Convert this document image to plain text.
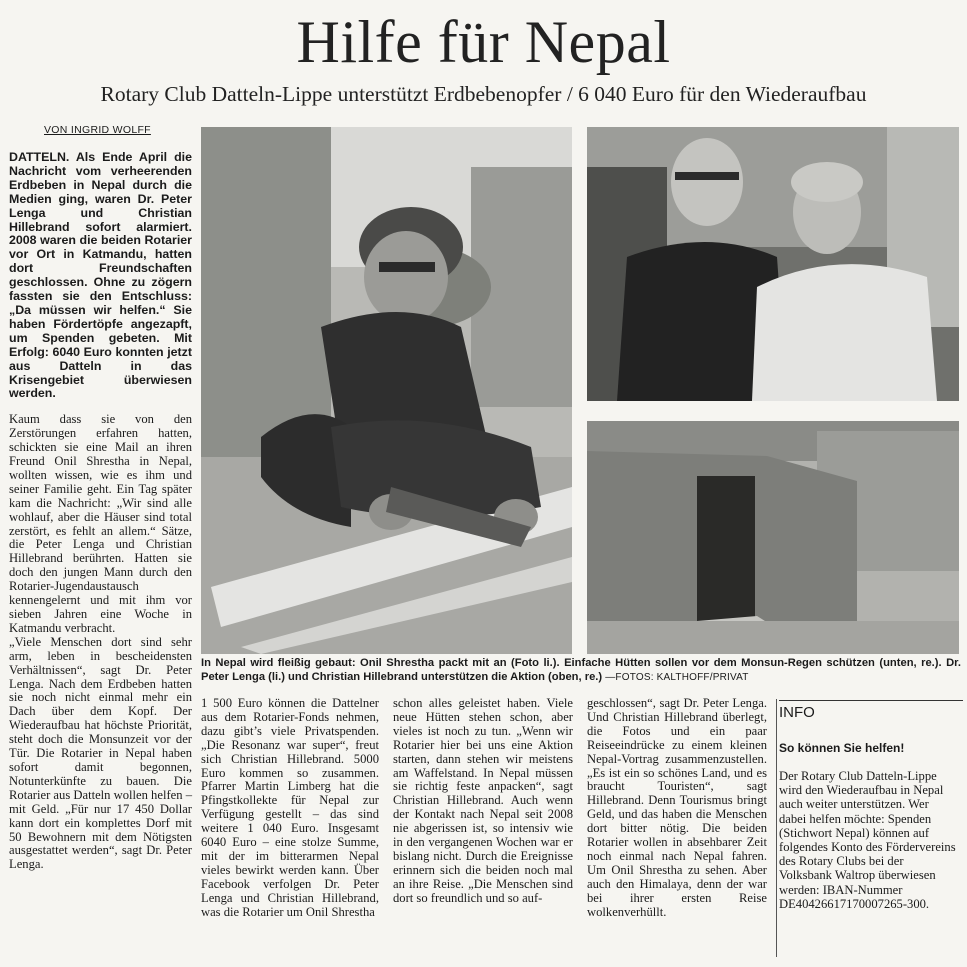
Hilfe für Nepal
Rotary Club Datteln-Lippe unterstützt Erdbebenopfer / 6 040 Euro für den Wiederaufbau
VON INGRID WOLFF

DATTELN. Als Ende April die Nachricht vom verheerenden Erdbeben in Nepal durch die Medien ging, waren Dr. Peter Lenga und Christian Hillebrand sofort alarmiert. 2008 waren die beiden Rotarier vor Ort in Katmandu, hatten dort Freundschaften geschlossen. Ohne zu zögern fassten sie den Entschluss: „Da müssen wir helfen.“ Sie haben Fördertöpfe angezapft, um Spenden gebeten. Mit Erfolg: 6040 Euro konnten jetzt aus Datteln in das Krisengebiet überwiesen werden.

Kaum dass sie von den Zerstörungen erfahren hatten, schickten sie eine Mail an ihren Freund Onil Shrestha in Nepal, wollten wissen, wie es ihm und seiner Familie geht. Ein Tag später kam die Nachricht: „Wir sind alle wohlauf, aber die Häuser sind total zerstört, es fehlt an allem.“ Sätze, die Peter Lenga und Christian Hillebrand berührten. Hatten sie doch den jungen Mann durch den Rotarier-Jugendaustausch kennengelernt und mit ihm vor sieben Jahren eine Woche in Katmandu verbracht.

„Viele Menschen dort sind sehr arm, leben in bescheidensten Verhältnissen“, sagt Dr. Peter Lenga. Nach dem Erdbeben hatten sie noch nicht einmal mehr ein Dach über dem Kopf. Der Wiederaufbau hat höchste Priorität, steht doch die Monsunzeit vor der Tür. Die Rotarier in Nepal haben sofort damit begonnen, Notunterkünfte zu bauen. Die Rotarier aus Datteln wollen helfen – mit Geld. „Für nur 17 450 Dollar kann dort ein komplettes Dorf mit 50 Bewohnern mit dem Nötigsten ausgestattet werden“, sagt Dr. Peter Lenga.

In Nepal wird fleißig gebaut: Onil Shrestha packt mit an (Foto li.). Einfache Hütten sollen vor dem Monsun-Regen schützen (unten, re.). Dr. Peter Lenga (li.) und Christian Hillebrand unterstützen die Aktion (oben, re.) —FOTOS: KALTHOFF/PRIVAT

1 500 Euro können die Dattelner aus dem Rotarier-Fonds nehmen, dazu gibt’s viele Privatspenden. „Die Resonanz war super“, freut sich Christian Hillebrand. 5000 Euro kommen so zusammen. Pfarrer Martin Limberg hat die Pfingstkollekte für Nepal zur Verfügung gestellt – das sind weitere 1 040 Euro. Insgesamt 6040 Euro – eine stolze Summe, mit der im bitterarmen Nepal vieles bewirkt werden kann. Über Facebook verfolgen Dr. Peter Lenga und Christian Hillebrand, was die Rotarier um Onil Shrestha

schon alles geleistet haben. Viele neue Hütten stehen schon, aber vieles ist noch zu tun. „Wenn wir Rotarier hier bei uns eine Aktion starten, dann stehen wir meistens am Waffelstand. In Nepal müssen sie richtig feste anpacken“, sagt Christian Hillebrand. Auch wenn der Kontakt nach Nepal seit 2008 nie abgerissen ist, so intensiv wie in den vergangenen Wochen war er bislang nicht. Durch die Ereignisse erinnern sich die beiden noch mal an ihre Reise. „Die Menschen sind dort so freundlich und so auf-

geschlossen“, sagt Dr. Peter Lenga. Und Christian Hillebrand überlegt, die Fotos und ein paar Reiseeindrücke zu einem kleinen Nepal-Vortrag zusammenzustellen. „Es ist ein so schönes Land, und es braucht Touristen“, sagt Hillebrand. Denn Tourismus bringt Geld, und das haben die Menschen dort bitter nötig. Die beiden Rotarier wollen in absehbarer Zeit noch einmal nach Nepal fahren. Um Onil Shrestha zu sehen. Aber auch den Himalaya, denn der war bei ihrer ersten Reise wolkenverhüllt.

INFO
So können Sie helfen!
Der Rotary Club Datteln-Lippe wird den Wiederaufbau in Nepal auch weiter unterstützen. Wer dabei helfen möchte: Spenden (Stichwort Nepal) können auf folgendes Konto des Fördervereins des Rotary Clubs bei der Volksbank Waltrop überwiesen werden: IBAN-Nummer DE40426617170007265-300.
